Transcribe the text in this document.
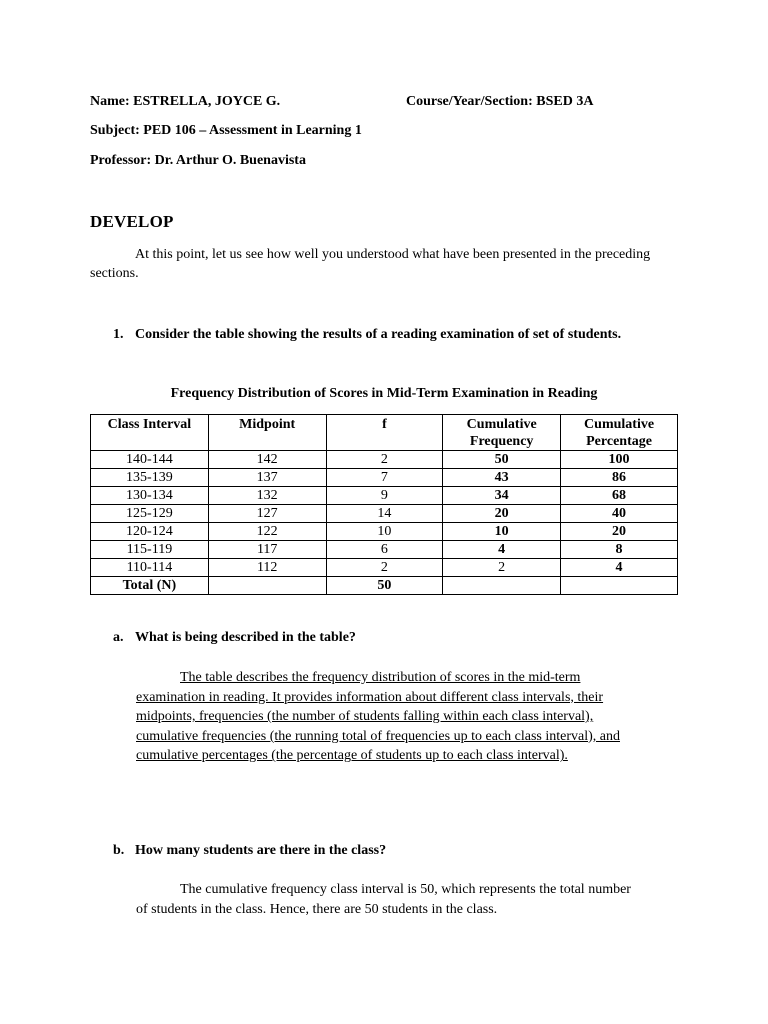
Name: ESTRELLA, JOYCE G.	Course/Year/Section: BSED 3A
Subject: PED 106 – Assessment in Learning 1
Professor: Dr. Arthur O. Buenavista
DEVELOP

At this point, let us see how well you understood what have been presented in the preceding sections.

1. Consider the table showing the results of a reading examination of set of students.
Frequency Distribution of Scores in Mid-Term Examination in Reading
Class Interval	Midpoint	f	Cumulative Frequency	Cumulative Percentage
140-144	142	2	50	100
135-139	137	7	43	86
130-134	132	9	34	68
125-129	127	14	20	40
120-124	122	10	10	20
115-119	117	6	4	8
110-114	112	2	2	4
Total (N)		50		
a. What is being described in the table?
The table describes the frequency distribution of scores in the mid-term
examination in reading. It provides information about different class intervals, their
midpoints, frequencies (the number of students falling within each class interval),
cumulative frequencies (the running total of frequencies up to each class interval), and
cumulative percentages (the percentage of students up to each class interval).
b. How many students are there in the class?
The cumulative frequency class interval is 50, which represents the total number
of students in the class. Hence, there are 50 students in the class.
